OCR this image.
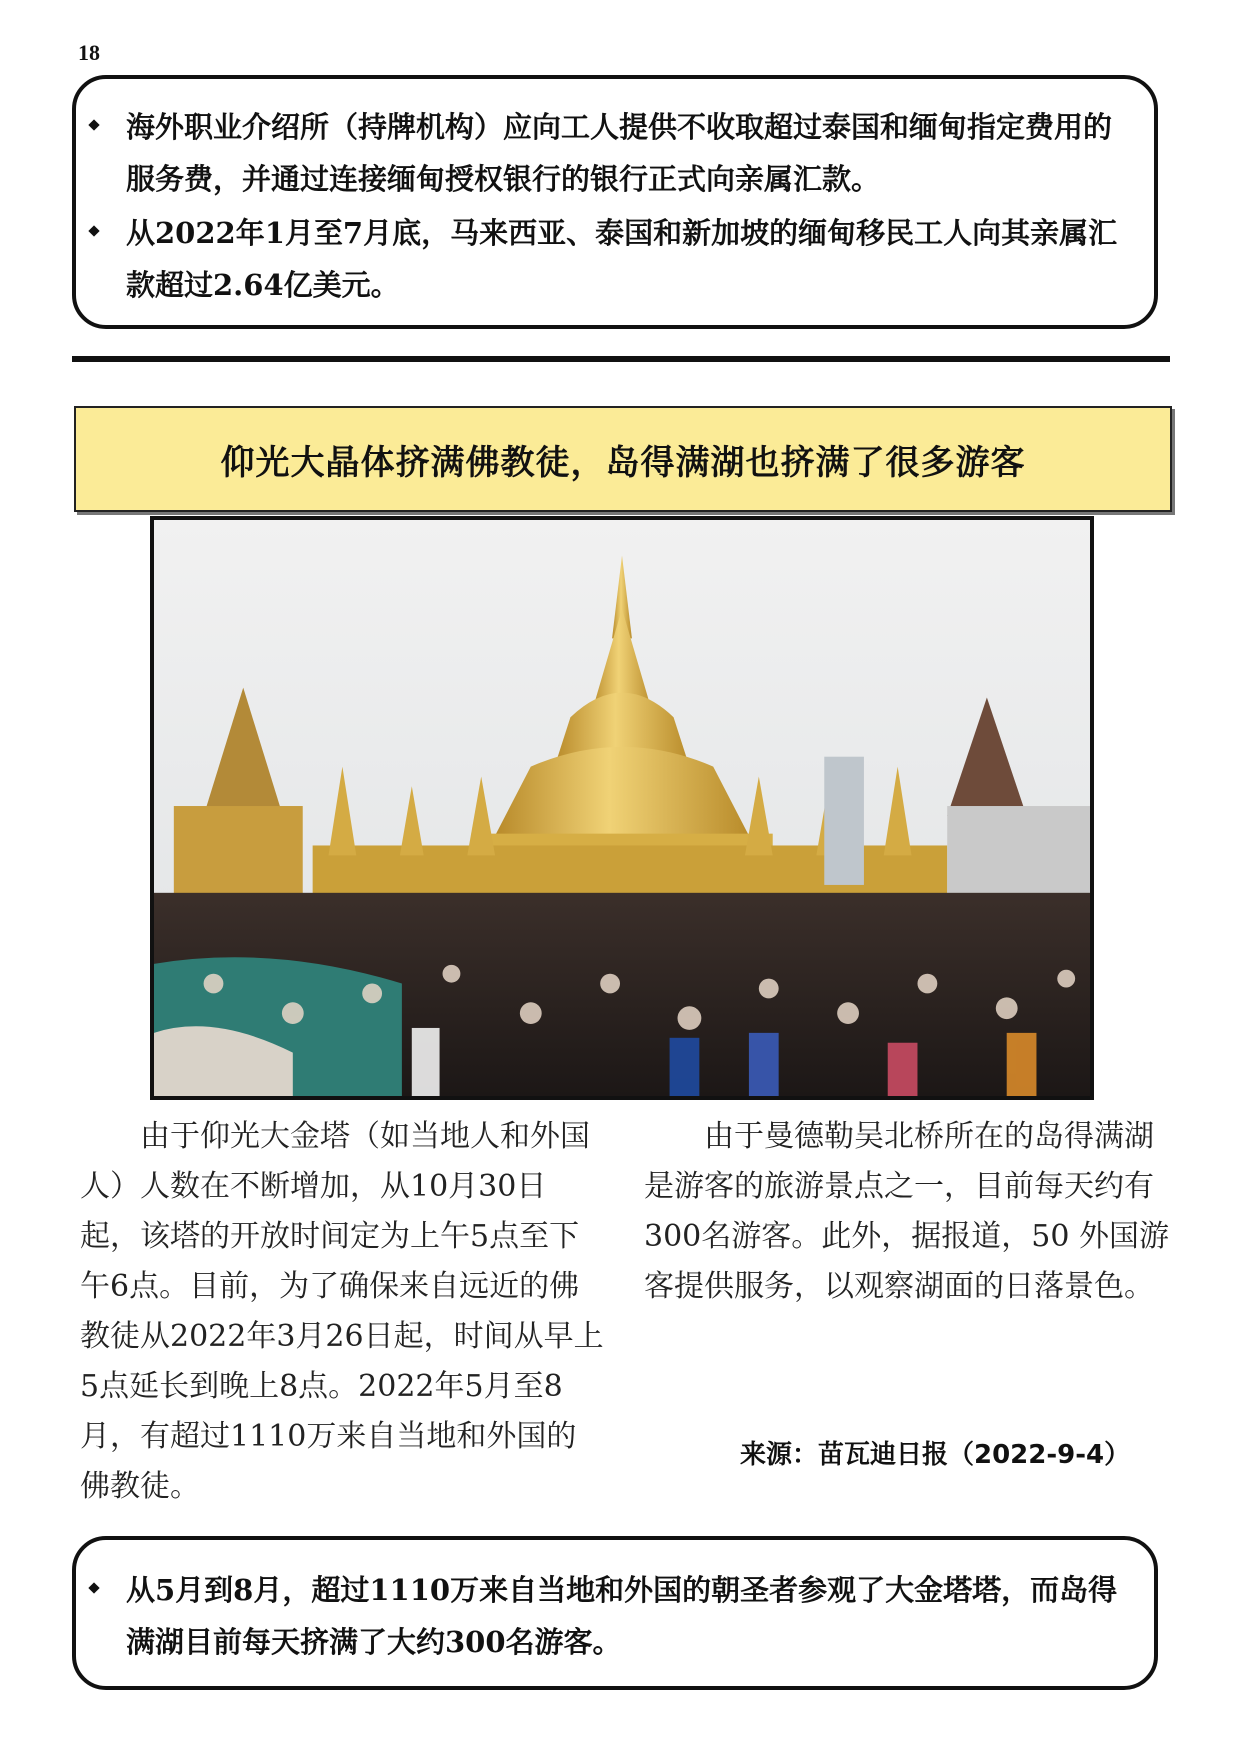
18

海外职业介绍所（持牌机构）应向工人提供不收取超过泰国和缅甸指定费用的服务费，并通过连接缅甸授权银行的银行正式向亲属汇款。

从2022年1月至7月底，马来西亚、泰国和新加坡的缅甸移民工人向其亲属汇款超过2.64亿美元。

仰光大晶体挤满佛教徒，岛得满湖也挤满了很多游客

由于仰光大金塔（如当地人和外国人）人数在不断增加，从10月30日起，该塔的开放时间定为上午5点至下午6点。目前，为了确保来自远近的佛教徒从2022年3月26日起，时间从早上5点延长到晚上8点。2022年5月至8月，有超过1110万来自当地和外国的佛教徒。

由于曼德勒吴北桥所在的岛得满湖是游客的旅游景点之一，目前每天约有300名游客。此外，据报道，50 外国游客提供服务，以观察湖面的日落景色。

来源：苗瓦迪日报（2022-9-4）

从5月到8月，超过1110万来自当地和外国的朝圣者参观了大金塔塔，而岛得满湖目前每天挤满了大约300名游客。
